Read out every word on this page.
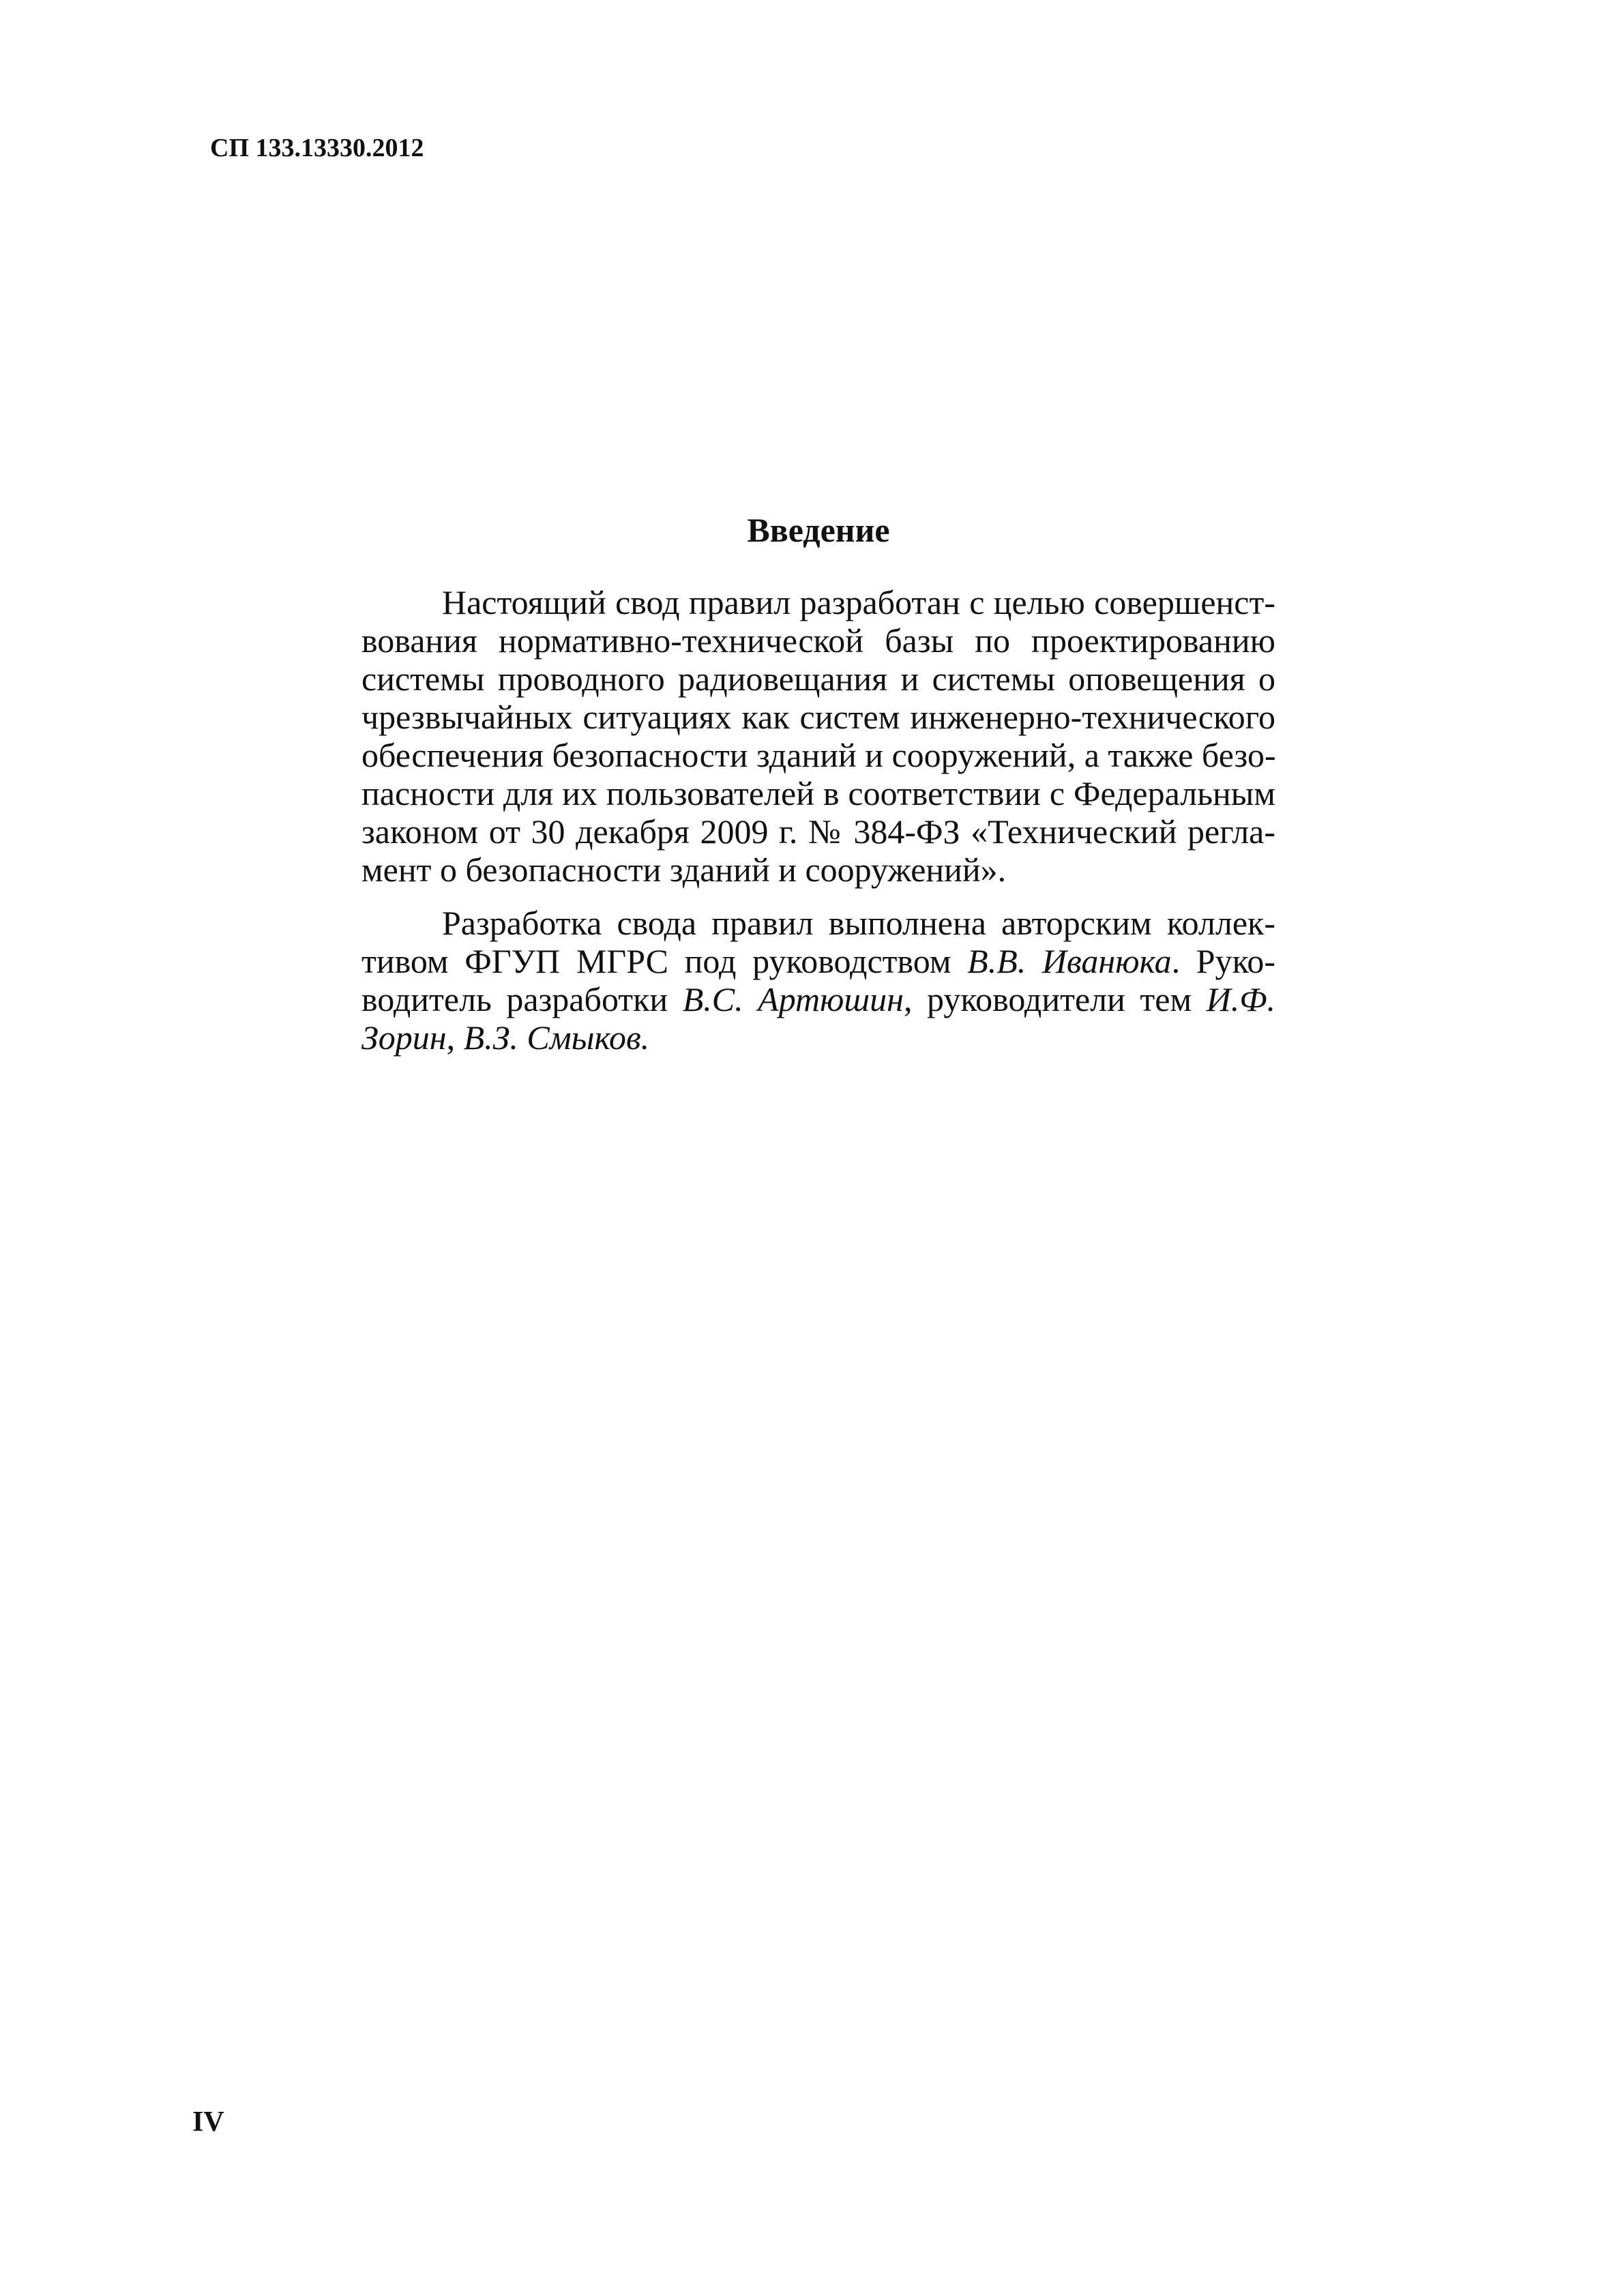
СП 133.13330.2012
Введение

Настоящий свод правил разработан с целью совершенст-
вования нормативно-технической базы по проектированию
системы проводного радиовещания и системы оповещения о
чрезвычайных ситуациях как систем инженерно-технического
обеспечения безопасности зданий и сооружений, а также безо-
пасности для их пользователей в соответствии с Федеральным
законом от 30 декабря 2009 г. № 384-ФЗ «Технический регла-
мент о безопасности зданий и сооружений».

Разработка свода правил выполнена авторским коллек-
тивом ФГУП МГРС под руководством В.В. Иванюка. Руко-
водитель разработки В.С. Артюшин, руководители тем И.Ф.
Зорин, В.З. Смыков.

IV
